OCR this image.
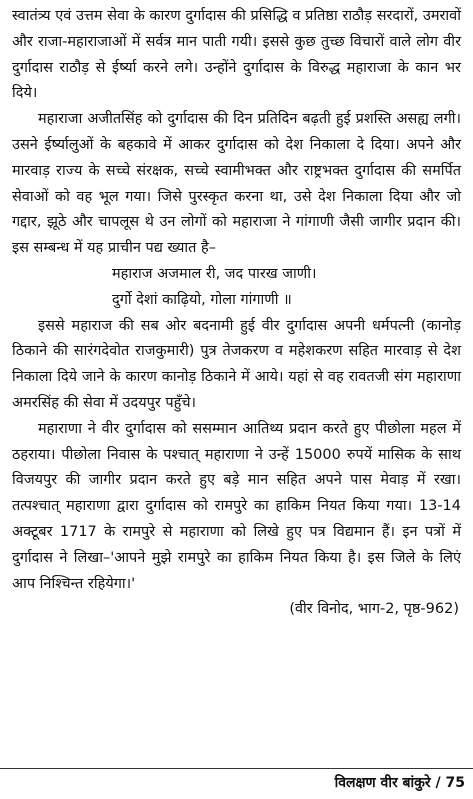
स्वातंत्र्य एवं उत्तम सेवा के कारण दुर्गादास की प्रसिद्धि व प्रतिष्ठा राठौड़ सरदारों, उमरावों और राजा-महाराजाओं में सर्वत्र मान पाती गयी। इससे कुछ तुच्छ विचारों वाले लोग वीर दुर्गादास राठौड़ से ईर्ष्या करने लगे। उन्होंने दुर्गादास के विरुद्ध महाराजा के कान भर दिये।

महाराजा अजीतसिंह को दुर्गादास की दिन प्रतिदिन बढ़ती हुई प्रशस्ति असह्य लगी। उसने ईर्ष्यालुओं के बहकावे में आकर दुर्गादास को देश निकाला दे दिया। अपने और मारवाड़ राज्य के सच्चे संरक्षक, सच्चे स्वामीभक्त और राष्ट्रभक्त दुर्गादास की समर्पित सेवाओं को वह भूल गया। जिसे पुरस्कृत करना था, उसे देश निकाला दिया और जो गद्दार, झूठे और चापलूस थे उन लोगों को महाराजा ने गांगाणी जैसी जागीर प्रदान की। इस सम्बन्ध में यह प्राचीन पद्य ख्यात है–

महाराज अजमाल री, जद पारख जाणी।

दुर्गो देशां काढ़ियो, गोला गांगाणी ॥

इससे महाराज की सब ओर बदनामी हुई वीर दुर्गादास अपनी धर्मपत्नी (कानोड़ ठिकाने की सारंगदेवोत राजकुमारी) पुत्र तेजकरण व महेशकरण सहित मारवाड़ से देश निकाला दिये जाने के कारण कानोड़ ठिकाने में आये। यहां से वह रावतजी संग महाराणा अमरसिंह की सेवा में उदयपुर पहुँचे।

महाराणा ने वीर दुर्गादास को ससम्मान आतिथ्य प्रदान करते हुए पीछोला महल में ठहराया। पीछोला निवास के पश्चात् महाराणा ने उन्हें 15000 रुपयें मासिक के साथ विजयपुर की जागीर प्रदान करते हुए बड़े मान सहित अपने पास मेवाड़ में रखा। तत्पश्चात् महाराणा द्वारा दुर्गादास को रामपुरे का हाकिम नियत किया गया। 13-14 अक्टूबर 1717 के रामपुरे से महाराणा को लिखे हुए पत्र विद्यमान हैं। इन पत्रों में दुर्गादास ने लिखा–'आपने मुझे रामपुरे का हाकिम नियत किया है। इस जिले के लिएं आप निश्चिन्त रहियेगा।'

(वीर विनोद, भाग-2, पृष्ठ-962)

विलक्षण वीर बांकुरे / 75
